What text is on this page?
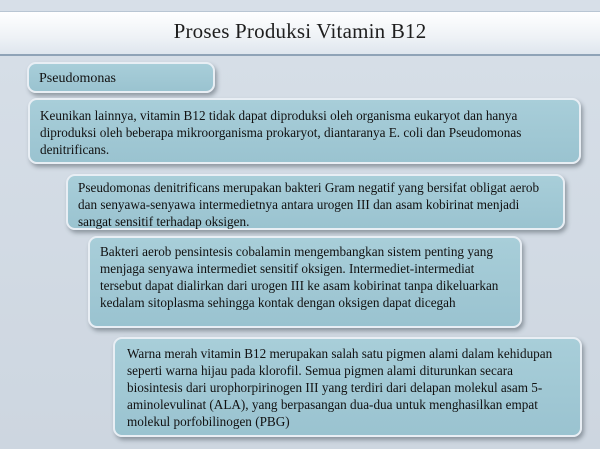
Proses Produksi Vitamin B12

Pseudomonas

Keunikan lainnya, vitamin B12 tidak dapat diproduksi oleh organisma eukaryot dan hanya diproduksi oleh beberapa mikroorganisma prokaryot, diantaranya E. coli dan Pseudomonas denitrificans.

Pseudomonas denitrificans merupakan bakteri Gram negatif yang bersifat obligat aerob dan senyawa-senyawa intermedietnya antara urogen III dan asam kobirinat menjadi sangat sensitif terhadap oksigen.

Bakteri aerob pensintesis cobalamin mengembangkan sistem penting yang menjaga senyawa intermediet sensitif oksigen. Intermediet-intermediat tersebut dapat dialirkan dari urogen III ke asam kobirinat tanpa dikeluarkan kedalam sitoplasma sehingga kontak dengan oksigen dapat dicegah

Warna merah vitamin B12 merupakan salah satu pigmen alami dalam kehidupan seperti warna hijau pada klorofil. Semua pigmen alami diturunkan secara biosintesis dari urophorpirinogen III yang terdiri dari delapan molekul asam 5-aminolevulinat (ALA), yang berpasangan dua-dua untuk menghasilkan empat molekul porfobilinogen (PBG)
